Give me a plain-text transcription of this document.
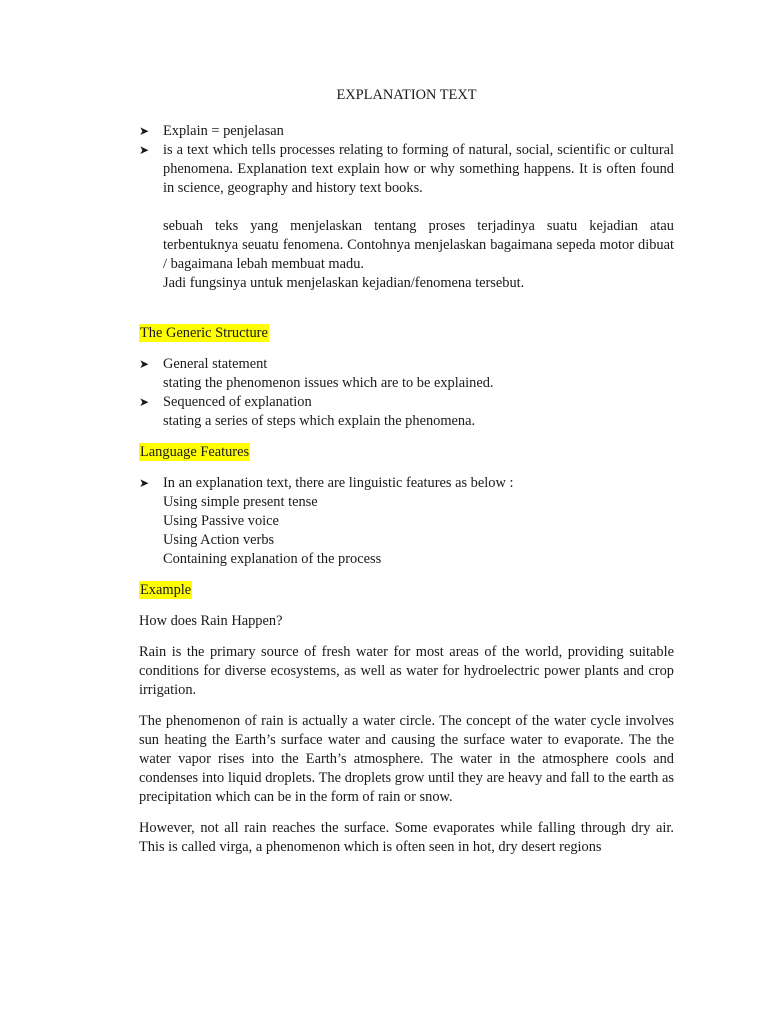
EXPLANATION TEXT
➤ Explain = penjelasan
➤ is a text which tells processes relating to forming of natural, social, scientific or cultural phenomena. Explanation text explain how or why something happens. It is often found in science, geography and history text books.
sebuah teks yang menjelaskan tentang proses terjadinya suatu kejadian atau terbentuknya seuatu fenomena. Contohnya menjelaskan bagaimana sepeda motor dibuat / bagaimana lebah membuat madu.
Jadi fungsinya untuk menjelaskan kejadian/fenomena tersebut.
The Generic Structure
➤ General statement
stating the phenomenon issues which are to be explained.
➤ Sequenced of explanation
stating a series of steps which explain the phenomena.
Language Features
➤ In an explanation text, there are linguistic features as below :
Using simple present tense
Using Passive voice
Using Action verbs
Containing explanation of the process
Example

How does Rain Happen?

Rain is the primary source of fresh water for most areas of the world, providing suitable conditions for diverse ecosystems, as well as water for hydroelectric power plants and crop irrigation.

The phenomenon of rain is actually a water circle. The concept of the water cycle involves sun heating the Earth’s surface water and causing the surface water to evaporate. The the water vapor rises into the Earth’s atmosphere. The water in the atmosphere cools and condenses into liquid droplets. The droplets grow until they are heavy and fall to the earth as precipitation which can be in the form of rain or snow.

However, not all rain reaches the surface. Some evaporates while falling through dry air. This is called virga, a phenomenon which is often seen in hot, dry desert regions
